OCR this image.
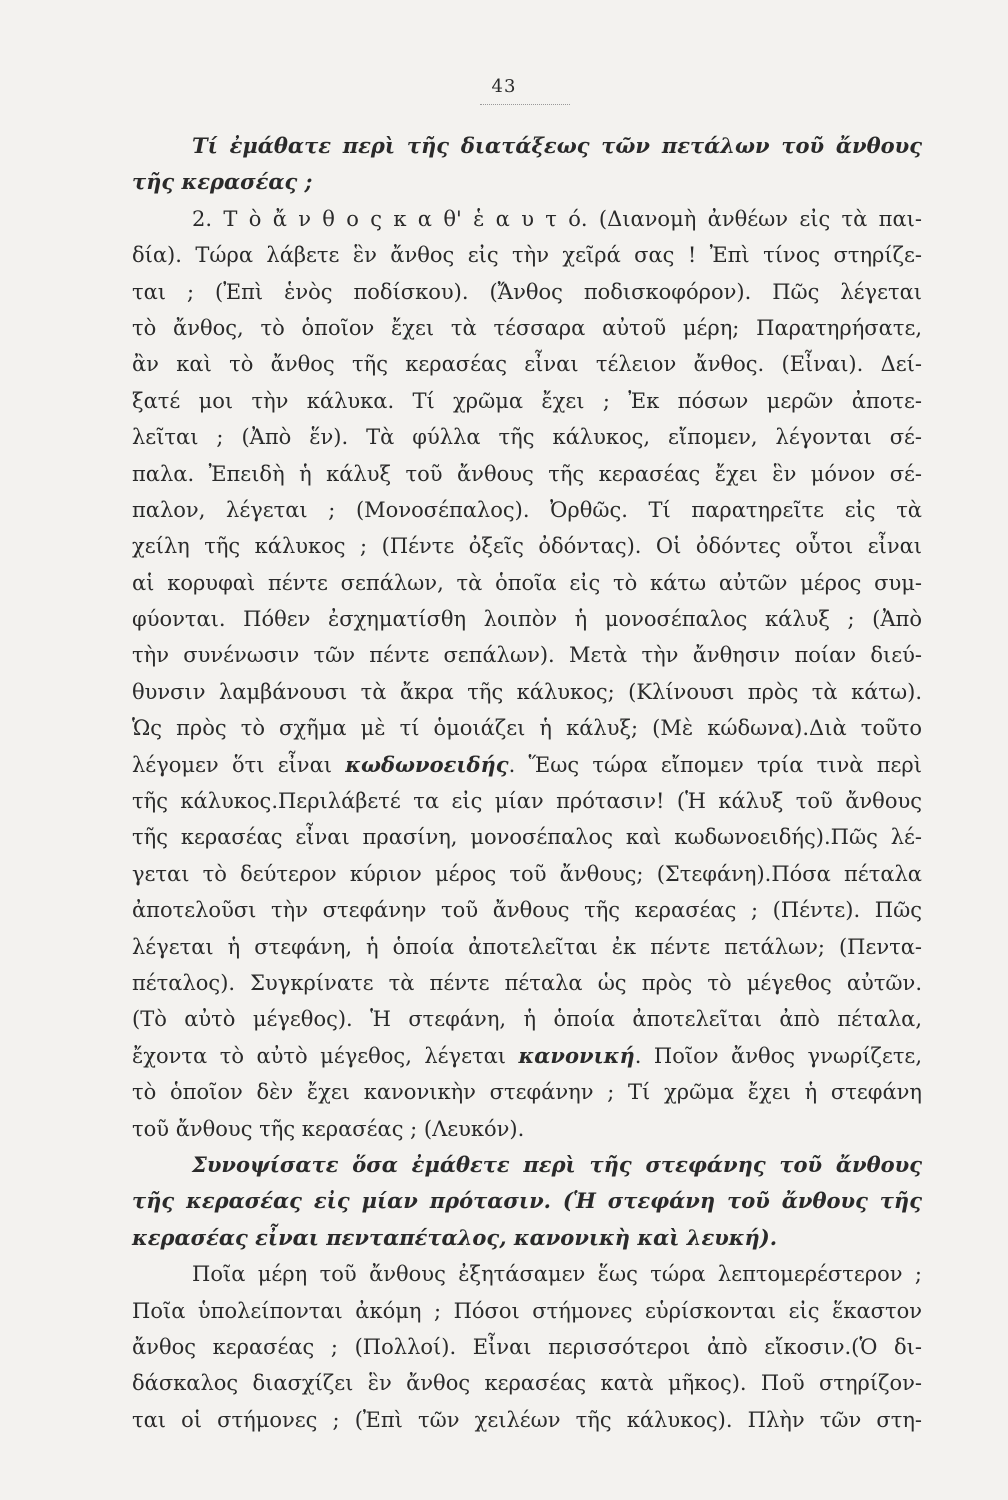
43
Τί ἐμάθατε περὶ τῆς διατάξεως τῶν πετάλων τοῦ ἄνθους
τῆς κερασέας ;
2. Τ ὸ ἄ ν θ ο ς κ α θ' ἑ α υ τ ό. (Διανομὴ ἀνθέων εἰς τὰ παι-
δία). Τώρα λάβετε ἓν ἄνθος εἰς τὴν χεῖρά σας ! Ἐπὶ τίνος στηρίζε-
ται ; (Ἐπὶ ἑνὸς ποδίσκου). (Ἄνθος ποδισκοφόρον). Πῶς λέγεται
τὸ ἄνθος, τὸ ὁποῖον ἔχει τὰ τέσσαρα αὐτοῦ μέρη; Παρατηρήσατε,
ἂν καὶ τὸ ἄνθος τῆς κερασέας εἶναι τέλειον ἄνθος. (Εἶναι). Δεί-
ξατέ μοι τὴν κάλυκα. Τί χρῶμα ἔχει ; Ἐκ πόσων μερῶν ἀποτε-
λεῖται ; (Ἀπὸ ἕν). Τὰ φύλλα τῆς κάλυκος, εἴπομεν, λέγονται σέ-
παλα. Ἐπειδὴ ἡ κάλυξ τοῦ ἄνθους τῆς κερασέας ἔχει ἓν μόνον σέ-
παλον, λέγεται ; (Μονοσέπαλος). Ὀρθῶς. Τί παρατηρεῖτε εἰς τὰ
χείλη τῆς κάλυκος ; (Πέντε ὀξεῖς ὀδόντας). Οἱ ὀδόντες οὗτοι εἶναι
αἱ κορυφαὶ πέντε σεπάλων, τὰ ὁποῖα εἰς τὸ κάτω αὐτῶν μέρος συμ-
φύονται. Πόθεν ἐσχηματίσθη λοιπὸν ἡ μονοσέπαλος κάλυξ ; (Ἀπὸ
τὴν συνένωσιν τῶν πέντε σεπάλων). Μετὰ τὴν ἄνθησιν ποίαν διεύ-
θυνσιν λαμβάνουσι τὰ ἄκρα τῆς κάλυκος; (Κλίνουσι πρὸς τὰ κάτω).
Ὡς πρὸς τὸ σχῆμα μὲ τί ὁμοιάζει ἡ κάλυξ; (Μὲ κώδωνα).Διὰ τοῦτο
λέγομεν ὅτι εἶναι κωδωνοειδής. Ἕως τώρα εἴπομεν τρία τινὰ περὶ
τῆς κάλυκος.Περιλάβετέ τα εἰς μίαν πρότασιν! (Ἡ κάλυξ τοῦ ἄνθους
τῆς κερασέας εἶναι πρασίνη, μονοσέπαλος καὶ κωδωνοειδής).Πῶς λέ-
γεται τὸ δεύτερον κύριον μέρος τοῦ ἄνθους; (Στεφάνη).Πόσα πέταλα
ἀποτελοῦσι τὴν στεφάνην τοῦ ἄνθους τῆς κερασέας ; (Πέντε). Πῶς
λέγεται ἡ στεφάνη, ἡ ὁποία ἀποτελεῖται ἐκ πέντε πετάλων; (Πεντα-
πέταλος). Συγκρίνατε τὰ πέντε πέταλα ὡς πρὸς τὸ μέγεθος αὐτῶν.
(Τὸ αὐτὸ μέγεθος). Ἡ στεφάνη, ἡ ὁποία ἀποτελεῖται ἀπὸ πέταλα,
ἔχοντα τὸ αὐτὸ μέγεθος, λέγεται κανονική. Ποῖον ἄνθος γνωρίζετε,
τὸ ὁποῖον δὲν ἔχει κανονικὴν στεφάνην ; Τί χρῶμα ἔχει ἡ στεφάνη
τοῦ ἄνθους τῆς κερασέας ; (Λευκόν).
Συνοψίσατε ὅσα ἐμάθετε περὶ τῆς στεφάνης τοῦ ἄνθους
τῆς κερασέας εἰς μίαν πρότασιν. (Ἡ στεφάνη τοῦ ἄνθους τῆς
κερασέας εἶναι πενταπέταλος, κανονικὴ καὶ λευκή).
Ποῖα μέρη τοῦ ἄνθους ἐξητάσαμεν ἕως τώρα λεπτομερέστερον ;
Ποῖα ὑπολείπονται ἀκόμη ; Πόσοι στήμονες εὑρίσκονται εἰς ἕκαστον
ἄνθος κερασέας ; (Πολλοί). Εἶναι περισσότεροι ἀπὸ εἴκοσιν.(Ὁ δι-
δάσκαλος διασχίζει ἓν ἄνθος κερασέας κατὰ μῆκος). Ποῦ στηρίζον-
ται οἱ στήμονες ; (Ἐπὶ τῶν χειλέων τῆς κάλυκος). Πλὴν τῶν στη-
